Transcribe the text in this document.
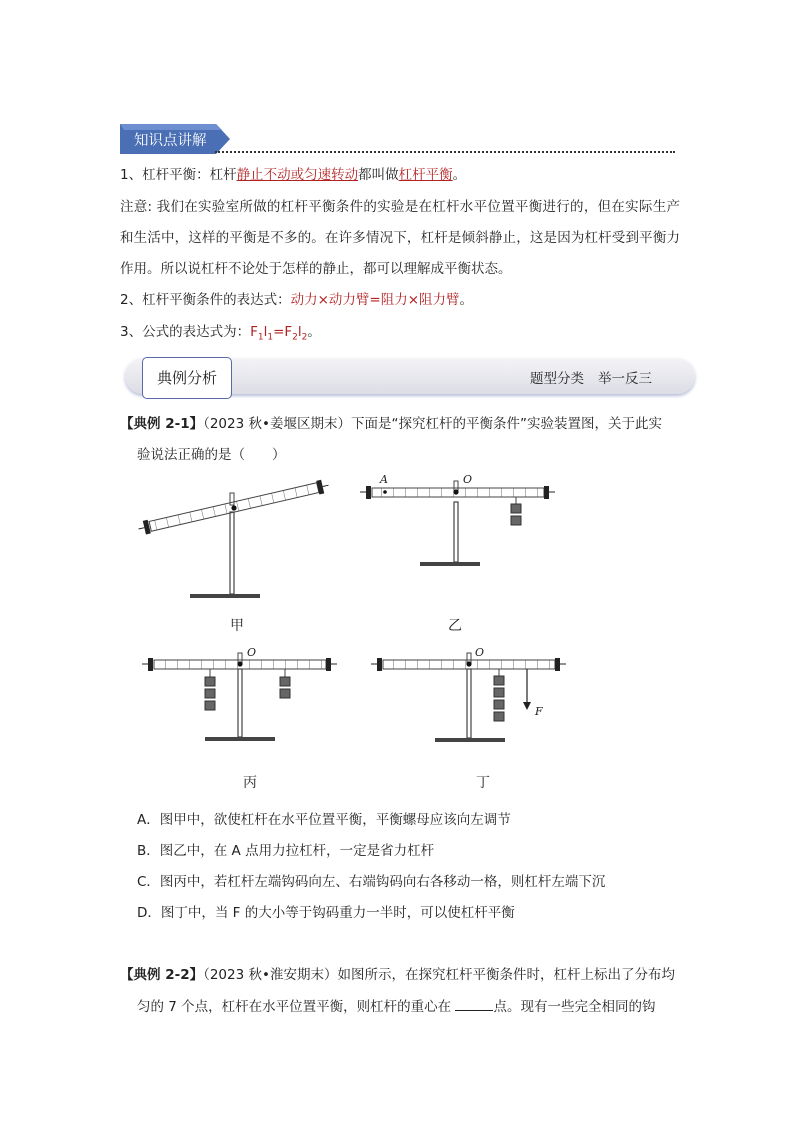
知识点讲解
1、杠杆平衡：杠杆静止不动或匀速转动都叫做杠杆平衡。
注意: 我们在实验室所做的杠杆平衡条件的实验是在杠杆水平位置平衡进行的，但在实际生产和生活中，这样的平衡是不多的。在许多情况下，杠杆是倾斜静止，这是因为杠杆受到平衡力作用。所以说杠杆不论处于怎样的静止，都可以理解成平衡状态。
2、杠杆平衡条件的表达式：动力×动力臂=阻力×阻力臂。
3、公式的表达式为：$F_1l_1=F_2l_2$。
典例分析	题型分类 举一反三
【典例 2-1】（2023 秋•姜堰区期末）下面是“探究杠杆的平衡条件”实验装置图，关于此实
验说法正确的是（　　）
A	O
O
F
O
甲	乙
丙	丁
A．图甲中，欲使杠杆在水平位置平衡，平衡螺母应该向左调节
B．图乙中，在 A 点用力拉杠杆，一定是省力杠杆
C．图丙中，若杠杆左端钩码向左、右端钩码向右各移动一格，则杠杆左端下沉
D．图丁中，当 F 的大小等于钩码重力一半时，可以使杠杆平衡
【典例 2-2】（2023 秋•淮安期末）如图所示，在探究杠杆平衡条件时，杠杆上标出了分布均
匀的 7 个点，杠杆在水平位置平衡，则杠杆的重心在	点。现有一些完全相同的钩
